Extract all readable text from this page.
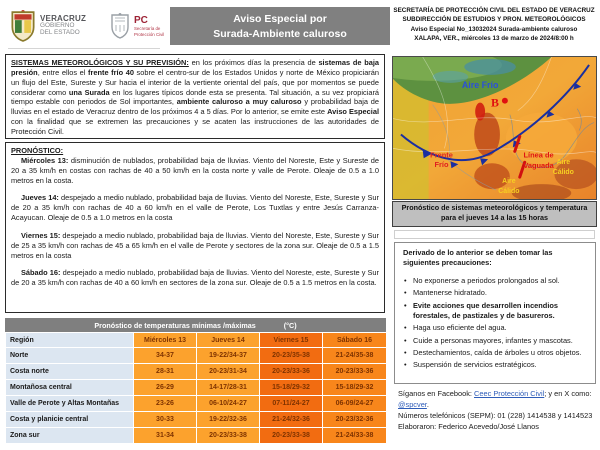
VERACRUZ
GOBIERNO
DEL ESTADO
PC
Secretaría de
Protección Civil
Aviso Especial por
Surada-Ambiente caluroso
SECRETARÍA DE PROTECCIÓN CIVIL DEL ESTADO DE VERACRUZ
SUBDIRECCIÓN DE ESTUDIOS Y PRON. METEOROLÓGICOS
Aviso Especial No_13032024 Surada-ambiente caluroso
XALAPA, VER., miércoles 13 de marzo de 2024/8:00 h
SISTEMAS METEOROLÓGICOS Y SU PREVISIÓN: en los próximos días la presencia de sistemas de baja presión, entre ellos el frente frío 40 sobre el centro-sur de los Estados Unidos y norte de México propiciarán un flujo del Este, Sureste y Sur hacia el interior de la vertiente oriental del país, que por momentos se puede considerar como una Surada en los lugares típicos donde esta se presenta. Tal situación, a su vez propiciará tiempo estable con periodos de Sol importantes, ambiente caluroso a muy caluroso y probabilidad baja de lluvias en el estado de Veracruz dentro de los próximos 4 a 5 días. Por lo anterior, se emite este Aviso Especial con la finalidad que se extremen las precauciones y se acaten las instrucciones de las autoridades de Protección Civil.
PRONÓSTICO:

Miércoles 13: disminución de nublados, probabilidad baja de lluvias. Viento del Noreste, Este y Sureste de 20 a 35 km/h en costas con rachas de 40 a 50 km/h en la costa norte y valle de Perote. Oleaje de 0.5 a 1.0 metros en la costa.

Jueves 14: despejado a medio nublado, probabilidad baja de lluvias. Viento del Noreste, Este, Sureste y Sur de 20 a 35 km/h con rachas de 40 a 60 km/h en el valle de Perote, Los Tuxtlas y entre Jesús Carranza-Acayucan. Oleaje de 0.5 a 1.0 metros en la costa

Viernes 15: despejado a medio nublado, probabilidad baja de lluvias. Viento del Noreste, Este, Sureste y Sur de 25 a 35 km/h con rachas de 45 a 65 km/h en el valle de Perote y sectores de la zona sur. Oleaje de 0.5 a 1.5 metros en la costa

Sábado 16: despejado a medio nublado, probabilidad baja de lluvias. Viento del Noreste, este, Sureste y Sur de 20 a 35 km/h con rachas de 40 a 60 km/h en sectores de la zona sur. Oleaje de 0.5 a 1.5 metros en la costa.

Pronóstico de temperaturas mínimas /máximas	(°C)
Región	Miércoles 13	Jueves 14	Viernes 15	Sábado 16
Norte	34-37	19-22/34-37	20-23/35-38	21-24/35-38
Costa norte	28-31	20-23/31-34	20-23/33-36	20-23/33-36
Montañosa central	26-29	14-17/28-31	15-18/29-32	15-18/29-32
Valle de Perote y Altas Montañas	23-26	06-10/24-27	07-11/24-27	06-09/24-27
Costa y planicie central	30-33	19-22/32-36	21-24/32-36	20-23/32-36
Zona sur	31-34	20-23/33-38	20-23/33-38	21-24/33-38
Aire Frío
B
Frente
Frío
Línea de
Vaguada Aire
Cálido
Aire
Cálido
Pronóstico de sistemas meteorológicos y temperatura para el jueves 14 a las 15 horas
Derivado de lo anterior se deben tomar las siguientes precauciones:
• No exponerse a periodos prolongados al sol.
• Mantenerse hidratado.
• Evite acciones que desarrollen incendios forestales, de pastizales y de basureros.
• Haga uso eficiente del agua.
• Cuide a personas mayores, infantes y mascotas.
• Destechamientos, caída de árboles u otros objetos.
• Suspensión de servicios estratégicos.

Síganos en Facebook: Ceec Protección Civil; y en X como: @spcver.

Números telefónicos (SEPM): 01 (228) 1414538 y 1414523

Elaboraron: Federico Acevedo/José Llanos
